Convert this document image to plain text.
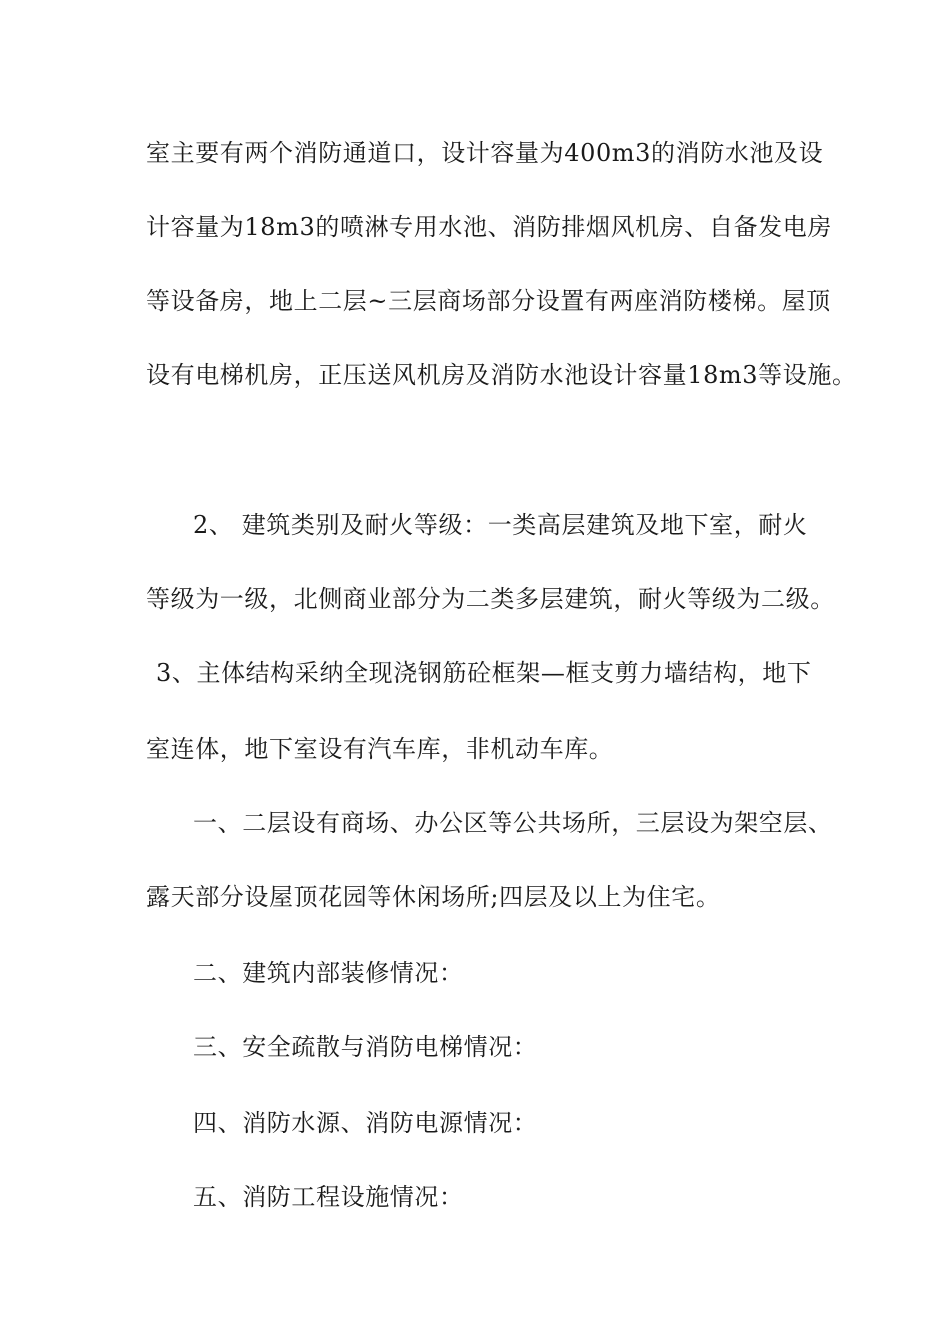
室主要有两个消防通道口，设计容量为400m3的消防水池及设
计容量为18m3的喷淋专用水池、消防排烟风机房、自备发电房
等设备房，地上二层~三层商场部分设置有两座消防楼梯。屋顶
设有电梯机房，正压送风机房及消防水池设计容量18m3等设施。
2、 建筑类别及耐火等级：一类高层建筑及地下室，耐火
等级为一级，北侧商业部分为二类多层建筑，耐火等级为二级。
3、主体结构采纳全现浇钢筋砼框架—框支剪力墙结构，地下
室连体，地下室设有汽车库，非机动车库。
一、二层设有商场、办公区等公共场所，三层设为架空层、
露天部分设屋顶花园等休闲场所;四层及以上为住宅。
二、建筑内部装修情况：
三、安全疏散与消防电梯情况：
四、消防水源、消防电源情况：
五、消防工程设施情况：
